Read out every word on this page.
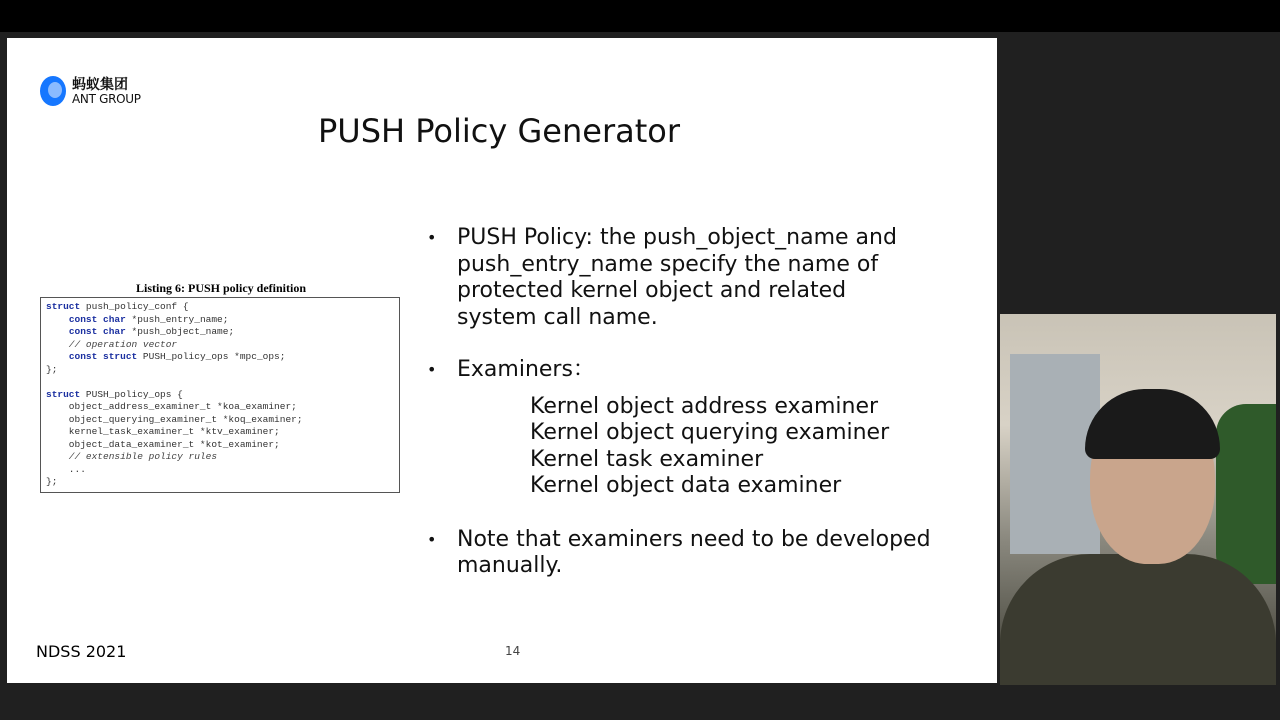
蚂蚁集团
ANT GROUP
PUSH Policy Generator
Listing 6: PUSH policy definition
struct push_policy_conf {
const char *push_entry_name;
const char *push_object_name;
// operation vector
const struct PUSH_policy_ops *mpc_ops;
};
struct PUSH_policy_ops {
object_address_examiner_t *koa_examiner;
object_querying_examiner_t *koq_examiner;
kernel_task_examiner_t *ktv_examiner;
object_data_examiner_t *kot_examiner;
// extensible policy rules
...
};
• PUSH Policy: the push_object_name and push_entry_name specify the name of protected kernel object and related system call name.
• Examiners：
Kernel object address examiner
Kernel object querying examiner
Kernel task examiner
Kernel object data examiner
• Note that examiners need to be developed manually.
NDSS 2021	14
